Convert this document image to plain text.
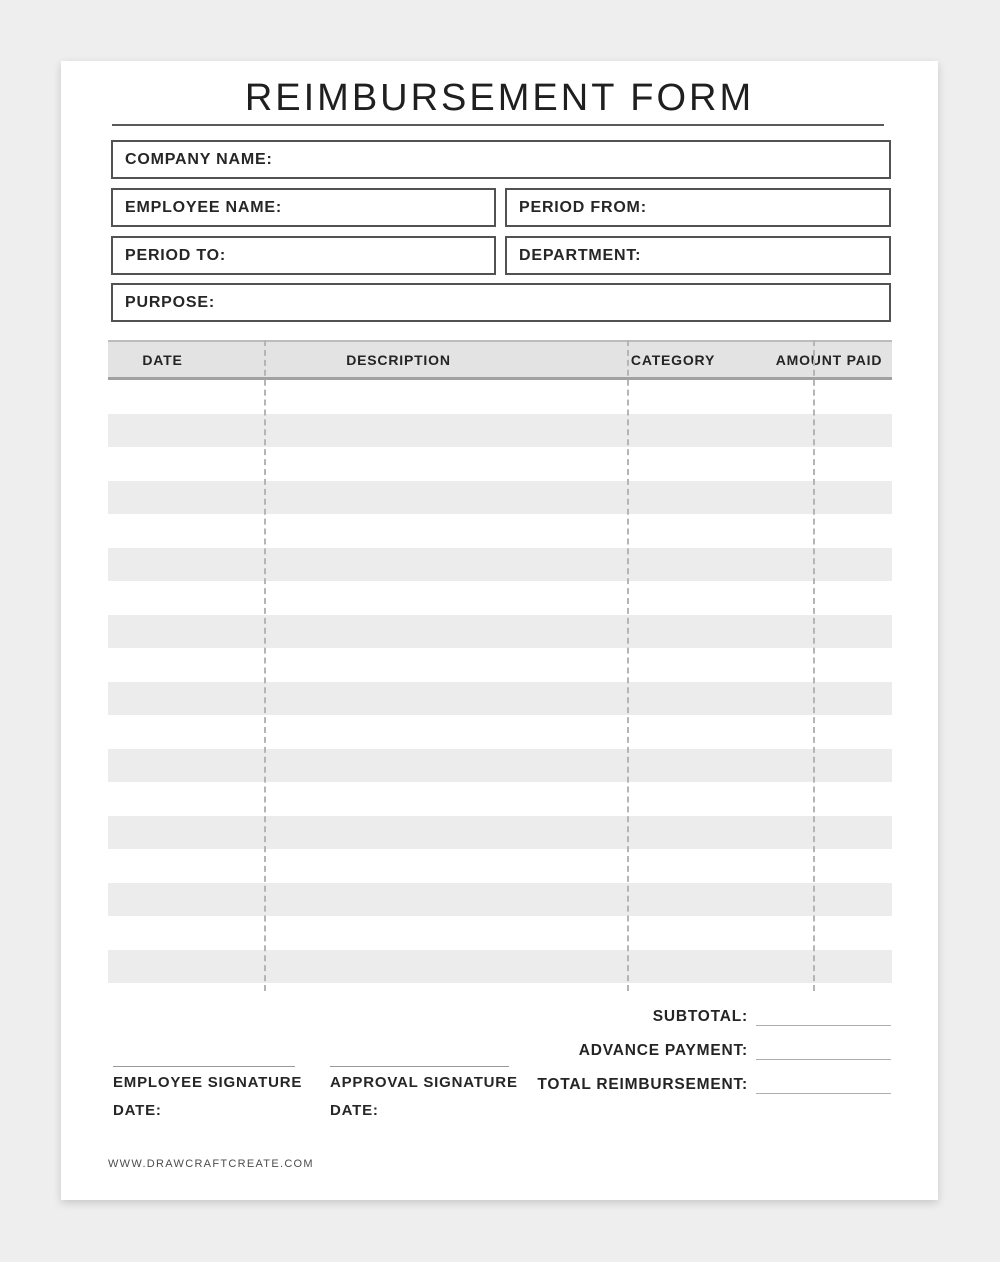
REIMBURSEMENT FORM
COMPANY NAME:
EMPLOYEE NAME:	PERIOD FROM:
PERIOD TO:	DEPARTMENT:
PURPOSE:
DATE	DESCRIPTION	CATEGORY	AMOUNT PAID
SUBTOTAL:
ADVANCE PAYMENT:
TOTAL REIMBURSEMENT:
EMPLOYEE SIGNATURE
DATE:
APPROVAL SIGNATURE
DATE:
WWW.DRAWCRAFTCREATE.COM
